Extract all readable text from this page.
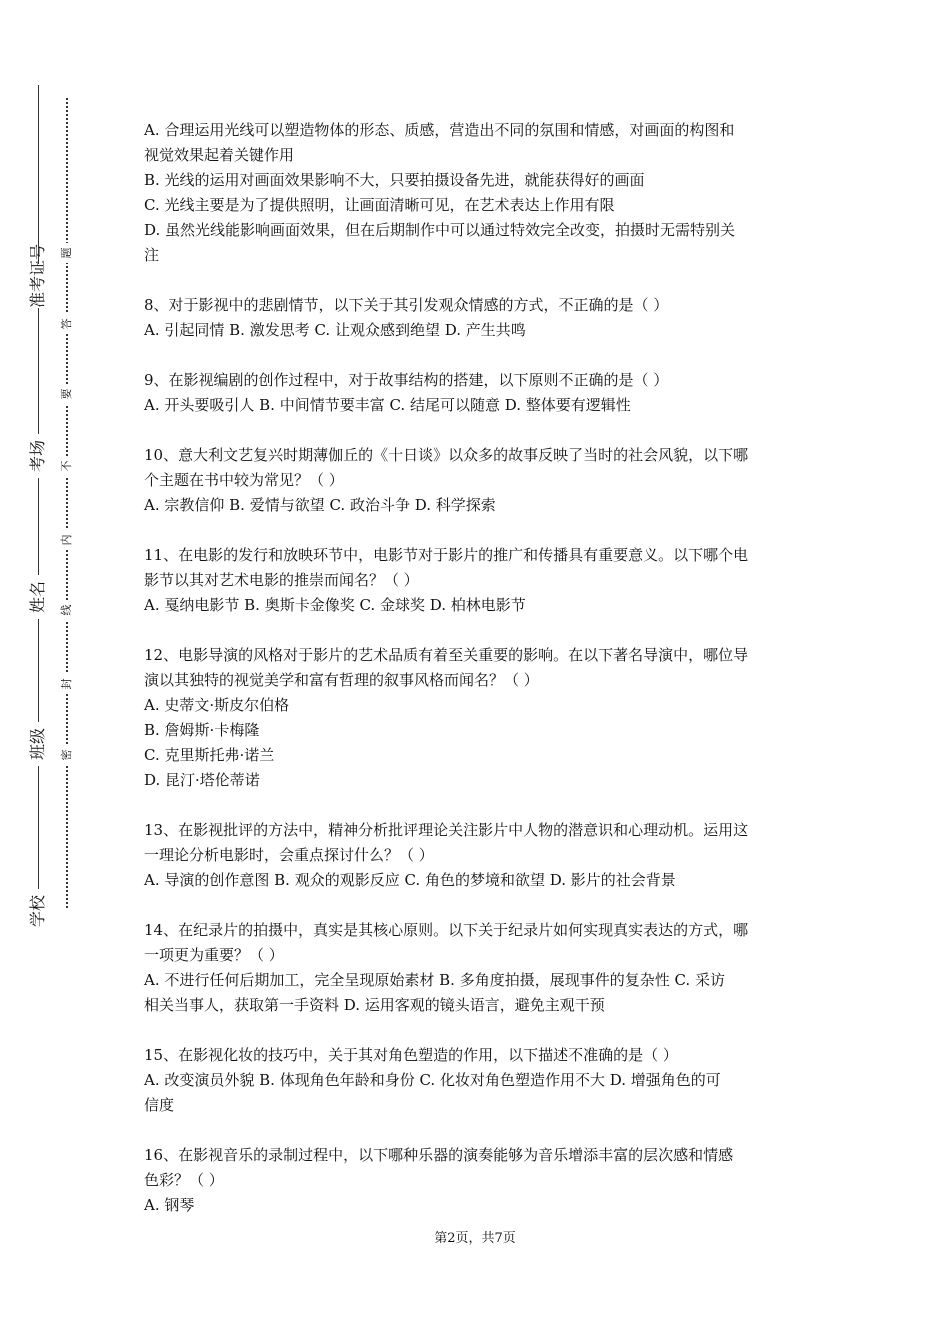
准考证号
考场
姓名
班级
学校
题
答
要
不
内
线
封
密

A. 合理运用光线可以塑造物体的形态、质感，营造出不同的氛围和情感，对画面的构图和

视觉效果起着关键作用

B. 光线的运用对画面效果影响不大，只要拍摄设备先进，就能获得好的画面

C. 光线主要是为了提供照明，让画面清晰可见，在艺术表达上作用有限

D. 虽然光线能影响画面效果，但在后期制作中可以通过特效完全改变，拍摄时无需特别关

注

8、对于影视中的悲剧情节，以下关于其引发观众情感的方式，不正确的是（ ）

A. 引起同情 B. 激发思考 C. 让观众感到绝望 D. 产生共鸣

9、在影视编剧的创作过程中，对于故事结构的搭建，以下原则不正确的是（ ）

A. 开头要吸引人 B. 中间情节要丰富 C. 结尾可以随意 D. 整体要有逻辑性

10、意大利文艺复兴时期薄伽丘的《十日谈》以众多的故事反映了当时的社会风貌，以下哪

个主题在书中较为常见？（ ）

A. 宗教信仰 B. 爱情与欲望 C. 政治斗争 D. 科学探索

11、在电影的发行和放映环节中，电影节对于影片的推广和传播具有重要意义。以下哪个电

影节以其对艺术电影的推崇而闻名？（ ）

A. 戛纳电影节 B. 奥斯卡金像奖 C. 金球奖 D. 柏林电影节

12、电影导演的风格对于影片的艺术品质有着至关重要的影响。在以下著名导演中，哪位导

演以其独特的视觉美学和富有哲理的叙事风格而闻名？（ ）

A. 史蒂文·斯皮尔伯格

B. 詹姆斯·卡梅隆

C. 克里斯托弗·诺兰

D. 昆汀·塔伦蒂诺

13、在影视批评的方法中，精神分析批评理论关注影片中人物的潜意识和心理动机。运用这

一理论分析电影时，会重点探讨什么？（ ）

A. 导演的创作意图 B. 观众的观影反应 C. 角色的梦境和欲望 D. 影片的社会背景

14、在纪录片的拍摄中，真实是其核心原则。以下关于纪录片如何实现真实表达的方式，哪

一项更为重要？（ ）

A. 不进行任何后期加工，完全呈现原始素材 B. 多角度拍摄，展现事件的复杂性 C. 采访

相关当事人，获取第一手资料 D. 运用客观的镜头语言，避免主观干预

15、在影视化妆的技巧中，关于其对角色塑造的作用，以下描述不准确的是（ ）

A. 改变演员外貌 B. 体现角色年龄和身份 C. 化妆对角色塑造作用不大 D. 增强角色的可

信度

16、在影视音乐的录制过程中，以下哪种乐器的演奏能够为音乐增添丰富的层次感和情感

色彩？（ ）

A. 钢琴

第2页，共7页
